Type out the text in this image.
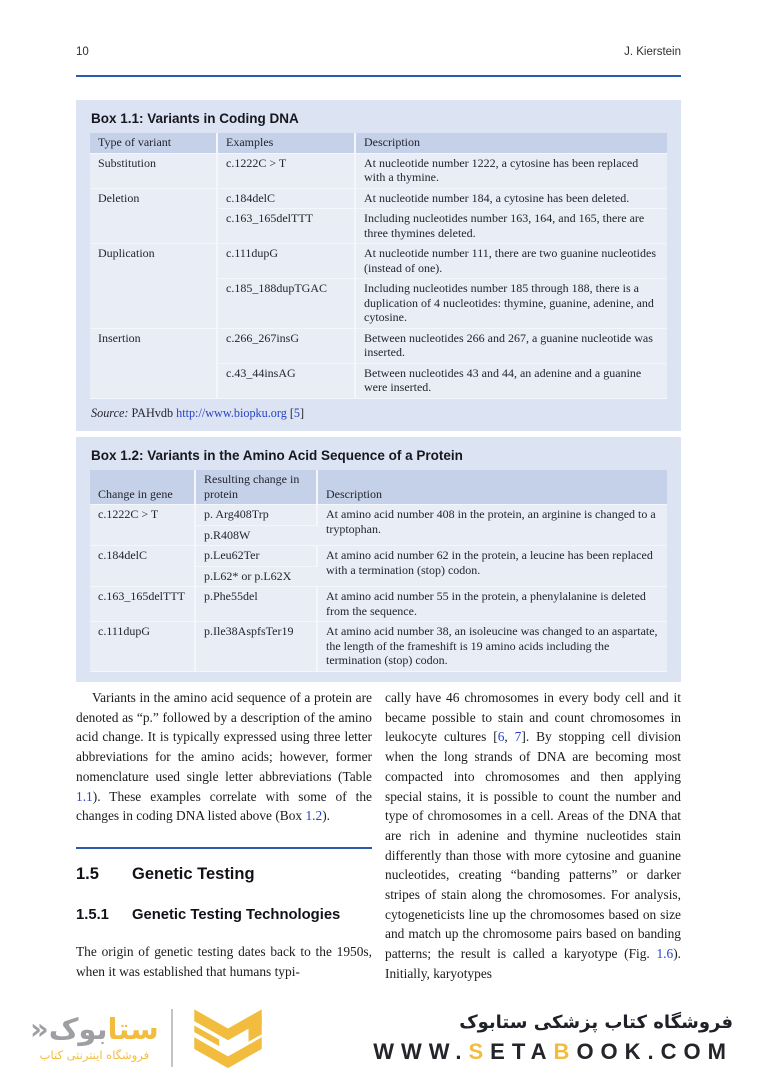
10	J. Kierstein
Box 1.1: Variants in Coding DNA
Type of variant	Examples	Description
Substitution	c.1222C > T	At nucleotide number 1222, a cytosine has been replaced with a thymine.
Deletion	c.184delC	At nucleotide number 184, a cytosine has been deleted.
	c.163_165delTTT	Including nucleotides number 163, 164, and 165, there are three thymines deleted.
Duplication	c.111dupG	At nucleotide number 111, there are two guanine nucleotides (instead of one).
	c.185_188dupTGAC	Including nucleotides number 185 through 188, there is a duplication of 4 nucleotides: thymine, guanine, adenine, and cytosine.
Insertion	c.266_267insG	Between nucleotides 266 and 267, a guanine nucleotide was inserted.
	c.43_44insAG	Between nucleotides 43 and 44, an adenine and a guanine were inserted.
Source: PAHvdb http://www.biopku.org [5]
Box 1.2: Variants in the Amino Acid Sequence of a Protein
Change in gene	Resulting change in protein	Description
c.1222C > T	p. Arg408Trp	At amino acid number 408 in the protein, an arginine is changed to a tryptophan.
	p.R408W	
c.184delC	p.Leu62Ter	At amino acid number 62 in the protein, a leucine has been replaced with a termination (stop) codon.
	p.L62* or p.L62X	
c.163_165delTTT	p.Phe55del	At amino acid number 55 in the protein, a phenylalanine is deleted from the sequence.
c.111dupG	p.Ile38AspfsTer19	At amino acid number 38, an isoleucine was changed to an aspartate, the length of the frameshift is 19 amino acids including the termination (stop) codon.

Variants in the amino acid sequence of a protein are denoted as “p.” followed by a description of the amino acid change. It is typically expressed using three letter abbreviations for the amino acids; however, former nomenclature used single letter abbreviations (Table 1.1). These examples correlate with some of the changes in coding DNA listed above (Box 1.2).

1.5	Genetic Testing
1.5.1	Genetic Testing Technologies

The origin of genetic testing dates back to the 1950s, when it was established that humans typi-

cally have 46 chromosomes in every body cell and it became possible to stain and count chromosomes in leukocyte cultures [6, 7]. By stopping cell division when the long strands of DNA are becoming most compacted into chromosomes and then applying special stains, it is possible to count the number and type of chromosomes in a cell. Areas of the DNA that are rich in adenine and thymine nucleotides stain differently than those with more cytosine and guanine nucleotides, creating “banding patterns” or darker stripes of stain along the chromosomes. For analysis, cytogeneticists line up the chromosomes based on size and match up the chromosome pairs based on banding patterns; the result is called a karyotype (Fig. 1.6). Initially, karyotypes

ستابوک«
فروشگاه اینترنتی کتاب
فروشگاه کتاب پزشکی ستابوک
WWW.SETABOOK.COM
